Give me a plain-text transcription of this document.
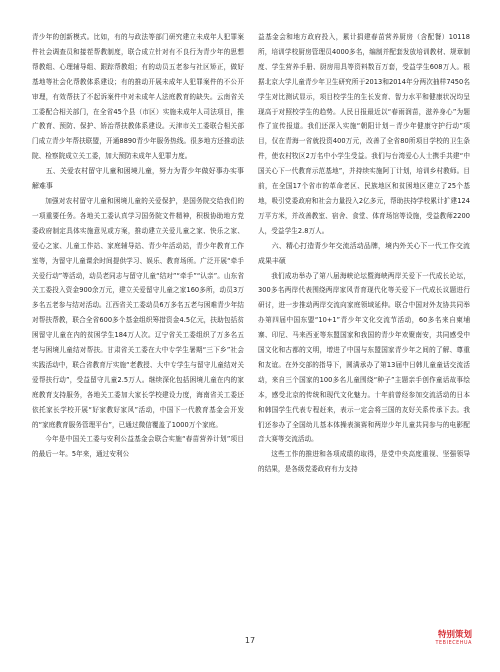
青少年的创新模式。比如，有的与政法等部门研究建立未成年人犯罪案件社会调查员和接茬帮教制度，联合成立针对有不良行为青少年的思想帮教组、心理辅导组、跟踪帮教组；有的动员五老参与社区矫正，做好基地等社会化帮教体系建设；有的推动开展未成年人犯罪案件的不公开审理，有效帮扶了不起诉案件中对未成年人法庭教育的缺失。云南省关工委配合相关部门，在全省45个县（市区）实施未成年人司法项目，推广教育、预防、保护、矫治帮扶教体系建设。天津市关工委联合相关部门成立青少年帮扶联盟，开通8890青少年服务热线。很多地方还推动法院、检察院成立关工委，加大预防未成年人犯罪力度。

五、关爱农村留守儿童和困境儿童，努力为青少年做好事办实事解难事

加强对农村留守儿童和困境儿童的关爱保护，是国务院交给我们的一项重要任务。各地关工委认真学习国务院文件精神，积极协助地方党委政府制定具体实施意见或方案，推动建立关爱儿童之家、快乐之家、爱心之家、儿童工作站、家庭辅导站、青少年活动站，青少年教育工作室等，为留守儿童课余时间提供学习、娱乐、教育场所。广泛开展“牵手关爱行动”等活动，动员老同志与留守儿童“结对”“牵手”“认亲”。山东省关工委投入资金900余万元，建立关爱留守儿童之家160多所，动员3万多名五老参与结对活动。江西省关工委动员6万多名五老与困难青少年结对帮扶帮教，联合全省600多个基金组织筹措资金4.5亿元，扶助包括贫困留守儿童在内的贫困学生184万人次。辽宁省关工委组织了万多名五老与困境儿童结对帮扶。甘肃省关工委在大中专学生暑期“三下乡”社会实践活动中，联合省教育厅实施“老教授、大中专学生与留守儿童结对关爱帮扶行动”，受益留守儿童2.5万人。继续深化包括困境儿童在内的家庭教育支持服务，各地关工委加大家长学校建设力度，海南省关工委还依托家长学校开展“好家教好家风”活动，中国下一代教育基金会开发的“家庭教育服务管理平台”，已通过微信覆盖了1000万个家庭。

今年是中国关工委与安利公益基金会联合实施“春苗营养计划”项目的最后一年。5年来，通过安利公

益基金会和地方政府投入，累计捐建春苗营养厨房（含配餐）10118所，培训学校厨房管理员4000多名，编制并配套发放培训教材、规章制度、学生营养手册、厨房用具等资料数百万套，受益学生608万人。根据北京大学儿童青少年卫生研究所于2013和2014年分两次抽样7450名学生对比测试显示，项目校学生的生长发育、智力水平和健康状况均呈现高于对照校学生的趋势。人民日报最近以“春雨润苗，滋养身心”为题作了宣传报道。我们还深入实施“朝阳计划－青少年健康守护行动”项目，仅在青海一省就投资400万元，改善了全省80所项目学校的卫生条件，使农村牧区2万名中小学生受益。我们与台湾爱心人士携手共建“中国关心下一代教育示范基地”，并持续实施阿丁计划，培训乡村教师。目前，在全国17个省市的革命老区、民族地区和贫困地区建立了25个基地，吸引党委政府和社会力量投入2亿多元，帮助扶持学校累计扩建124万平方米，并改善教室、宿舍、食堂、体育场馆等设施，受益教师2200人，受益学生2.8万人。

六、精心打造青少年交流活动品牌，境内外关心下一代工作交流成果丰硕

我们成功举办了第八届海峡论坛暨海峡两岸关爱下一代成长论坛，300多名两岸代表围绕两岸家风青育现代化等关爱下一代成长议题进行研讨，进一步推动两岸交流向家庭领域延伸。联合中国对外友协共同举办第四届中国东盟“10+1”青少年文化交流节活动，60多名来自柬埔寨、印尼、马来西亚等东盟国家和我国的青少年欢聚南安，共同感受中国文化和古都的文明，增进了中国与东盟国家青少年之间的了解、尊重和友谊。在外交部的指导下，圆满承办了第13届中日韩儿童童话交流活动，来自三个国家的100多名儿童围绕“种子”主题亲手创作童话故事绘本，感受北京的传统和现代文化魅力。十年前曾经参加交流活动的日本和韩国学生代表专程赶来，表示一定会将三国的友好关系传承下去。我们还参办了全国幼儿基本体操表演赛和两岸少年儿童共同参与的电影配音大赛等交流活动。

这些工作的推进和各项成绩的取得，是党中央高度重视、坚强领导的结果，是各级党委政府有力支持

17
特别策划
TEBIECEHUA
